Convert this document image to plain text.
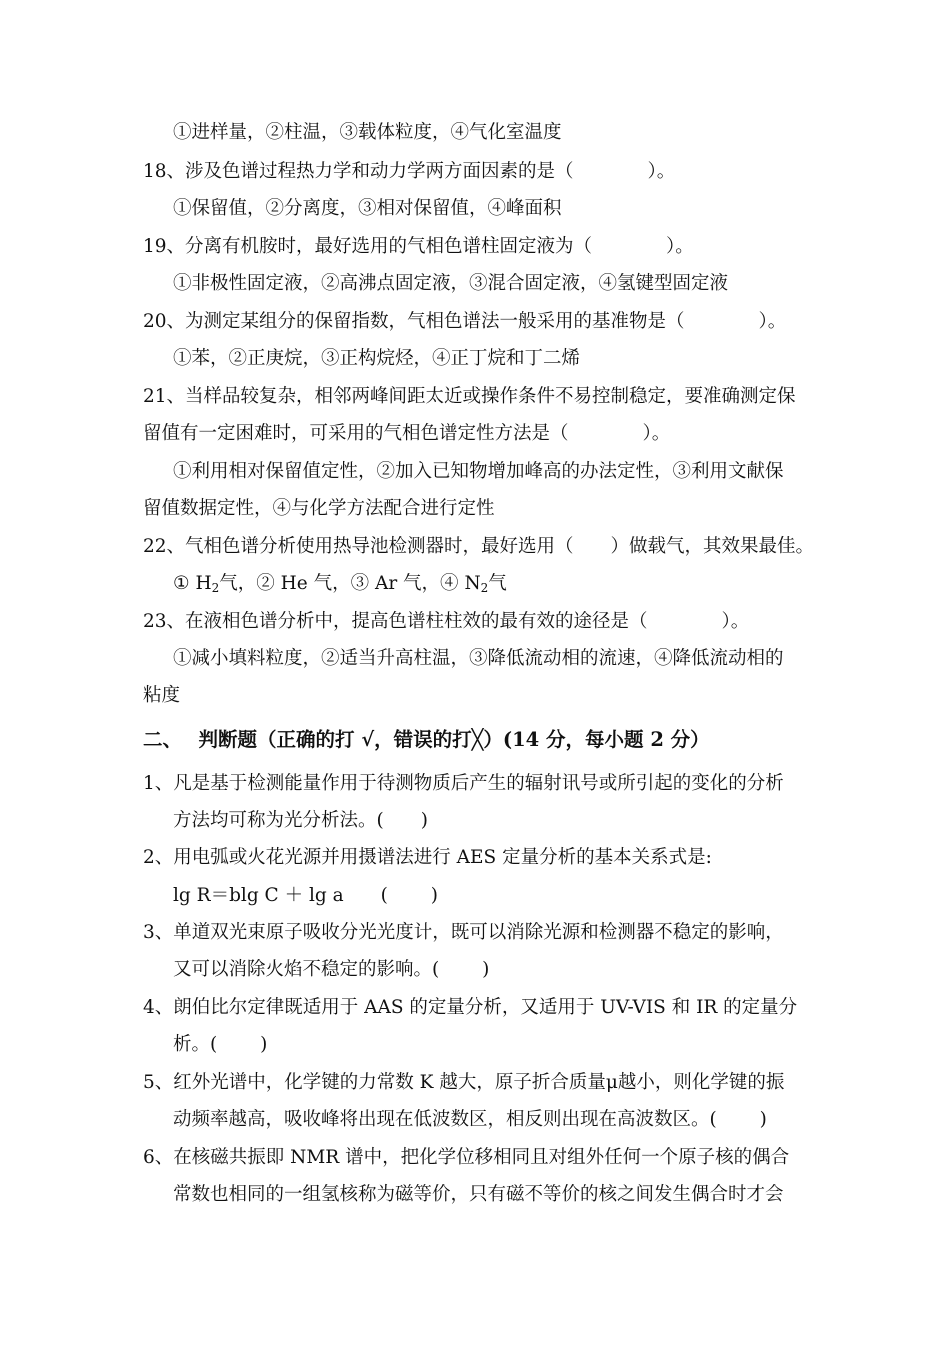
①进样量，②柱温，③载体粒度，④气化室温度
18、涉及色谱过程热力学和动力学两方面因素的是（　　　　）。
①保留值，②分离度，③相对保留值，④峰面积
19、分离有机胺时，最好选用的气相色谱柱固定液为（　　　　）。
①非极性固定液，②高沸点固定液，③混合固定液，④氢键型固定液
20、为测定某组分的保留指数，气相色谱法一般采用的基准物是（　　　　）。
①苯，②正庚烷，③正构烷烃，④正丁烷和丁二烯
21、当样品较复杂，相邻两峰间距太近或操作条件不易控制稳定，要准确测定保
留值有一定困难时，可采用的气相色谱定性方法是（　　　　）。
①利用相对保留值定性，②加入已知物增加峰高的办法定性，③利用文献保
留值数据定性，④与化学方法配合进行定性
22、气相色谱分析使用热导池检测器时，最好选用（　　）做载气，其效果最佳。
① $H_2$气，② He 气，③ Ar 气，④ $N_2$气
23、在液相色谱分析中，提高色谱柱柱效的最有效的途径是（　　　　）。
①减小填料粒度，②适当升高柱温，③降低流动相的流速，④降低流动相的
粘度
二、　 判断题（正确的打 √，错误的打╳）(14 分，每小题 2 分）
1、凡是基于检测能量作用于待测物质后产生的辐射讯号或所引起的变化的分析
方法均可称为光分析法。(　　)
2、用电弧或火花光源并用摄谱法进行 AES 定量分析的基本关系式是:
lg R＝blg C ＋ lg a　　(　　 )
3、单道双光束原子吸收分光光度计，既可以消除光源和检测器不稳定的影响，
又可以消除火焰不稳定的影响。(　　 )
4、朗伯比尔定律既适用于 AAS 的定量分析，又适用于 UV-VIS 和 IR 的定量分
析。(　　 )
5、红外光谱中，化学键的力常数 K 越大，原子折合质量μ越小，则化学键的振
动频率越高，吸收峰将出现在低波数区，相反则出现在高波数区。(　　 )
6、在核磁共振即 NMR 谱中，把化学位移相同且对组外任何一个原子核的偶合
常数也相同的一组氢核称为磁等价，只有磁不等价的核之间发生偶合时才会
